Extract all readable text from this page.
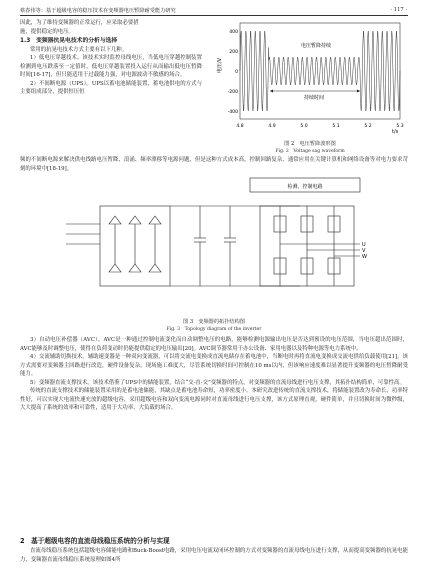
蔡春伟等：基于超级电容的稳压技术在变频器电压暂降耐受能力研究	· 117 ·

因此，为了维持变频器的正常运行，应采取必要措

施，提供稳定的电压。

1.3　变频器抗晃电技术的分析与选择

常用的抗晃电技术方式主要有以下几种。

1）低电压穿越技术。该技术实时监控母线电压，当低电压穿越控制装置检测到电压跌落至一定值时，低电压穿越装置投入运行从而输出低电压暂降时间[16-17]，但只能适用于过载能力强，对电源波动不敏感的场合。

2）不间断电源（UPS）。UPS以蓄电池储能装置，蓄电池供电的方式与主要组成部分，提供恒压恒

电压暂降持续
持续时间
电压/V
400
200
0
-200
-400
4.8	4.9	5.0	5.1	5.2	5.3
t/s
图 2　电压暂降波形图
Fig. 2　Voltage sag waveform

频的不间断电源来解决供电线路电压暂降、浪涌、频率漂移等电源问题，但是这种方式成本高，控制回路复杂，通常应用在关键计算机和网络设备等对电力要求苛刻的环境中[18-19]。

检测、控制电路
U
V
W
图 3　变频器的拓扑结构图
Fig. 3　Topology diagram of the inverter

3）自动电压补偿器（AVC）。AVC是一种通过控制电流变化而自动调整电压的电路，能够检测电源输出电压是否达到预设的电压范围，当电压超出范围时，AVC能够及时调整电压，使得在负荷变动时仍能提供稳定的电压输出[20]。AVC调节器常用于办公设备、家用电器以及特种电源等电力系统中。

4）交流辅助切换技术。辅助速变器是一种双向变流器，可以将交流电变换成直流电储存在蓄电池中，当断电时再将直流电变换成交流电供给负载使用[21]。该方式需要对变频器主回路进行改造，硬件设备复杂，现场施工难度大，尽管系统切换时间可控制在10 ms以内，但该响应速度难以显著提升变频器的电压暂降耐受能力。

5）变频器直流支撑技术。该技术借鉴了UPS中的储能装置，结合“交-直-交”变频器的特点，对变频器的直流母线进行电压支撑，其拓扑结构简单，可靠性高。

传统的直流支撑技术的储能装置采用的是蓄电池储能，其缺点是蓄电池寿命短，功率密度小。本研究改进传统的直流支撑技术，将储能装置改为寿命长，功率特性好，可以实现大电流快速充放的超级电容，采用超级电容和双向变流电源同时对直流母线进行电压支撑，该方式原理直观，硬件简单，并且切换时间为微秒级，大大提高了系统的效率和可靠性，适用于大功率、大负载的场合。

2　基于超级电容的直流母线稳压系统的分析与实现

直流母线稳压系统包括超级电容储能电路和Buck-Boost电路，采用电压电流双闭环控制的方式对变频器的直流母线电压进行支撑，从而提高变频器的抗晃电能力，变频器直流母线稳压系统原理如图4所
